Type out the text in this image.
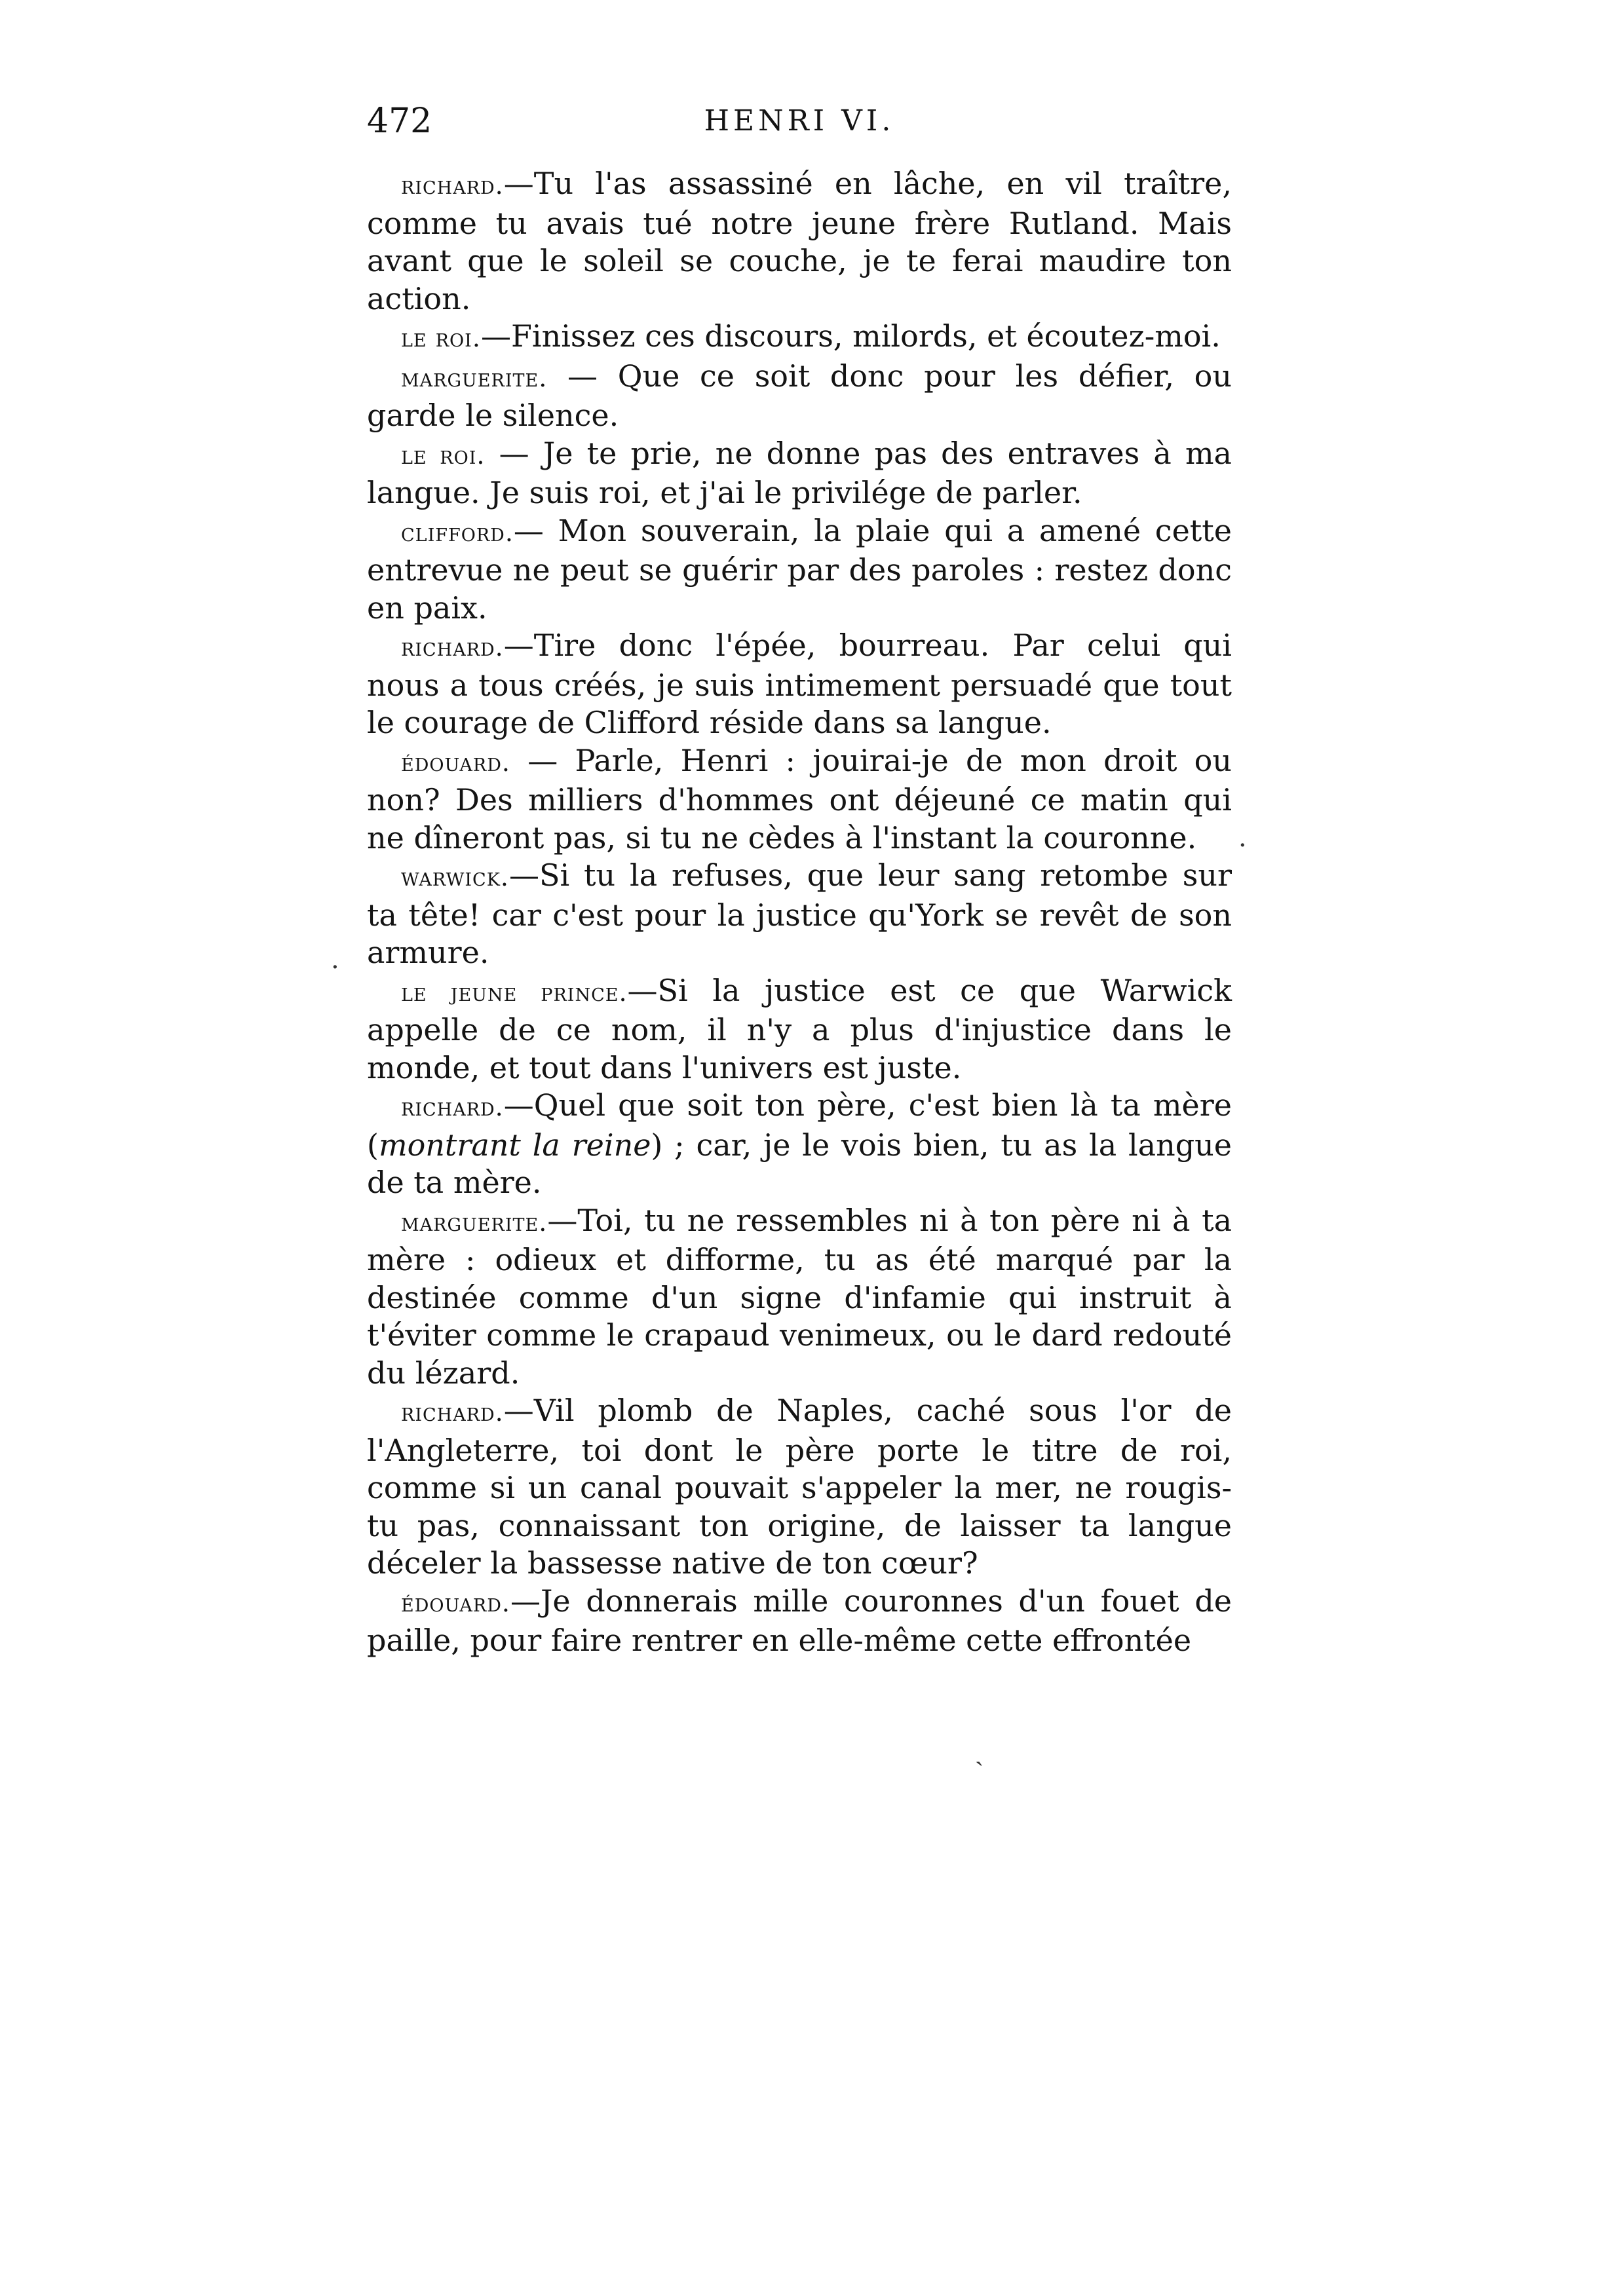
472	HENRI VI.

richard.—Tu l'as assassiné en lâche, en vil traître, comme tu avais tué notre jeune frère Rutland. Mais avant que le soleil se couche, je te ferai maudire ton action.

le roi.—Finissez ces discours, milords, et écoutez-moi.

marguerite. — Que ce soit donc pour les défier, ou garde le silence.

le roi. — Je te prie, ne donne pas des entraves à ma langue. Je suis roi, et j'ai le privilége de parler.

clifford.— Mon souverain, la plaie qui a amené cette entrevue ne peut se guérir par des paroles : restez donc en paix.

richard.—Tire donc l'épée, bourreau. Par celui qui nous a tous créés, je suis intimement persuadé que tout le courage de Clifford réside dans sa langue.

édouard. — Parle, Henri : jouirai-je de mon droit ou non? Des milliers d'hommes ont déjeuné ce matin qui ne dîneront pas, si tu ne cèdes à l'instant la couronne.

warwick.—Si tu la refuses, que leur sang retombe sur ta tête! car c'est pour la justice qu'York se revêt de son armure.

le jeune prince.—Si la justice est ce que Warwick appelle de ce nom, il n'y a plus d'injustice dans le monde, et tout dans l'univers est juste.

richard.—Quel que soit ton père, c'est bien là ta mère (montrant la reine) ; car, je le vois bien, tu as la langue de ta mère.

marguerite.—Toi, tu ne ressembles ni à ton père ni à ta mère : odieux et difforme, tu as été marqué par la destinée comme d'un signe d'infamie qui instruit à t'éviter comme le crapaud venimeux, ou le dard redouté du lézard.

richard.—Vil plomb de Naples, caché sous l'or de l'Angleterre, toi dont le père porte le titre de roi, comme si un canal pouvait s'appeler la mer, ne rougis-tu pas, connaissant ton origine, de laisser ta langue déceler la bassesse native de ton cœur?

édouard.—Je donnerais mille couronnes d'un fouet de paille, pour faire rentrer en elle-même cette effrontée

·
.
ˎ
